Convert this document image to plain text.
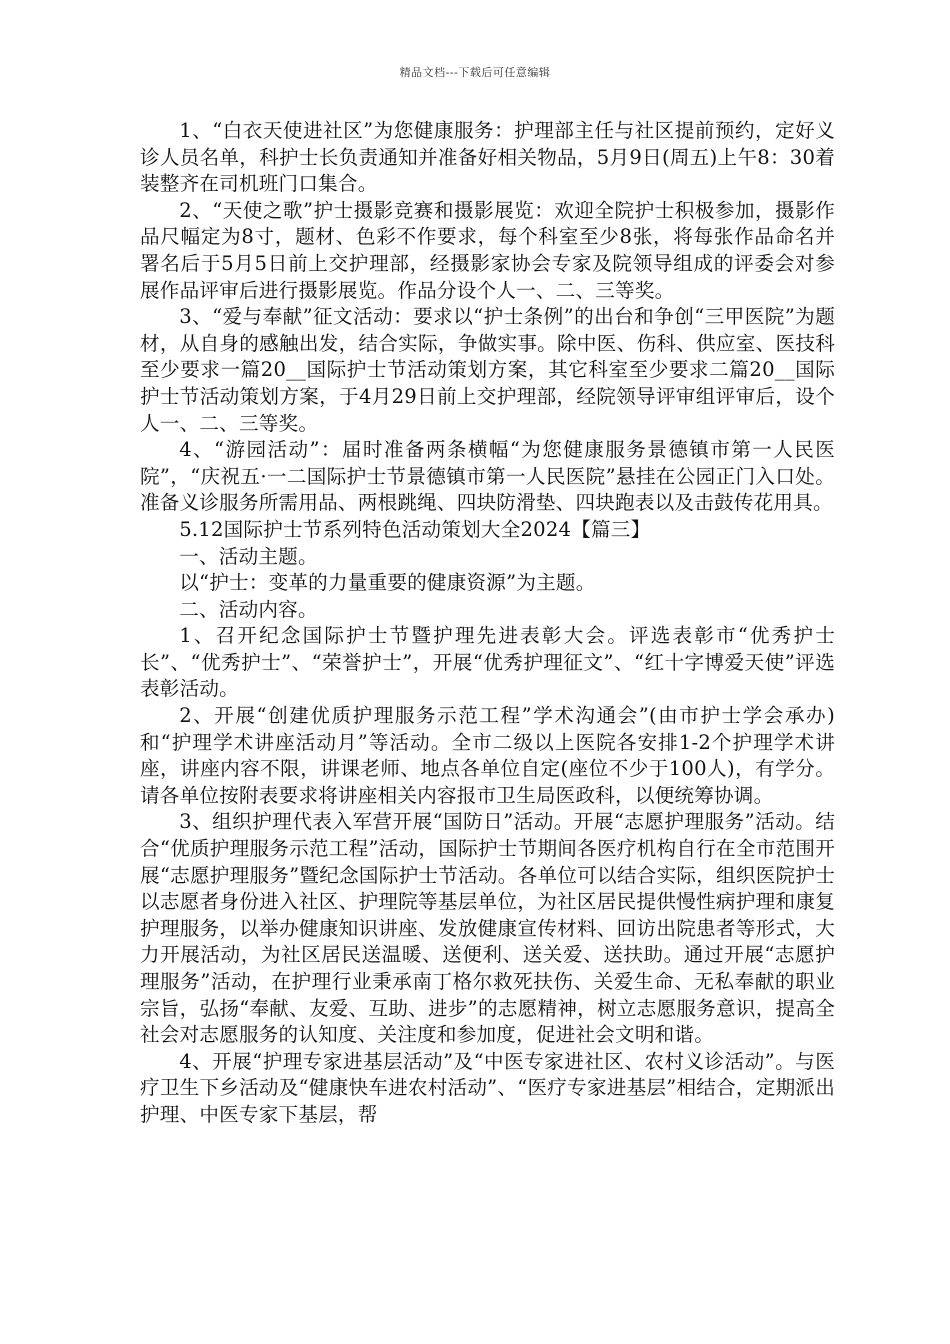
精品文档---下载后可任意编辑

1、“白衣天使进社区”为您健康服务：护理部主任与社区提前预约，定好义诊人员名单，科护士长负责通知并准备好相关物品，5月9日(周五)上午8：30着装整齐在司机班门口集合。

2、“天使之歌”护士摄影竞赛和摄影展览：欢迎全院护士积极参加，摄影作品尺幅定为8寸，题材、色彩不作要求，每个科室至少8张，将每张作品命名并署名后于5月5日前上交护理部，经摄影家协会专家及院领导组成的评委会对参展作品评审后进行摄影展览。作品分设个人一、二、三等奖。

3、“爱与奉献”征文活动：要求以“护士条例”的出台和争创“三甲医院”为题材，从自身的感触出发，结合实际，争做实事。除中医、伤科、供应室、医技科至少要求一篇20__国际护士节活动策划方案，其它科室至少要求二篇20__国际护士节活动策划方案，于4月29日前上交护理部，经院领导评审组评审后，设个人一、二、三等奖。

4、“游园活动”：届时准备两条横幅“为您健康服务景德镇市第一人民医院”，“庆祝五·一二国际护士节景德镇市第一人民医院”悬挂在公园正门入口处。准备义诊服务所需用品、两根跳绳、四块防滑垫、四块跑表以及击鼓传花用具。

5.12国际护士节系列特色活动策划大全2024【篇三】

一、活动主题。

以“护士：变革的力量重要的健康资源”为主题。

二、活动内容。

1、召开纪念国际护士节暨护理先进表彰大会。评选表彰市“优秀护士长”、“优秀护士”、“荣誉护士”，开展“优秀护理征文”、“红十字博爱天使”评选表彰活动。

2、开展“创建优质护理服务示范工程”学术沟通会”(由市护士学会承办)和“护理学术讲座活动月”等活动。全市二级以上医院各安排1-2个护理学术讲座，讲座内容不限，讲课老师、地点各单位自定(座位不少于100人)，有学分。请各单位按附表要求将讲座相关内容报市卫生局医政科，以便统筹协调。

3、组织护理代表入军营开展“国防日”活动。开展“志愿护理服务”活动。结合“优质护理服务示范工程”活动，国际护士节期间各医疗机构自行在全市范围开展“志愿护理服务”暨纪念国际护士节活动。各单位可以结合实际，组织医院护士以志愿者身份进入社区、护理院等基层单位，为社区居民提供慢性病护理和康复护理服务，以举办健康知识讲座、发放健康宣传材料、回访出院患者等形式，大力开展活动，为社区居民送温暖、送便利、送关爱、送扶助。通过开展“志愿护理服务”活动，在护理行业秉承南丁格尔救死扶伤、关爱生命、无私奉献的职业宗旨，弘扬“奉献、友爱、互助、进步”的志愿精神，树立志愿服务意识，提高全社会对志愿服务的认知度、关注度和参加度，促进社会文明和谐。

4、开展“护理专家进基层活动”及“中医专家进社区、农村义诊活动”。与医疗卫生下乡活动及“健康快车进农村活动”、“医疗专家进基层”相结合，定期派出护理、中医专家下基层，帮
